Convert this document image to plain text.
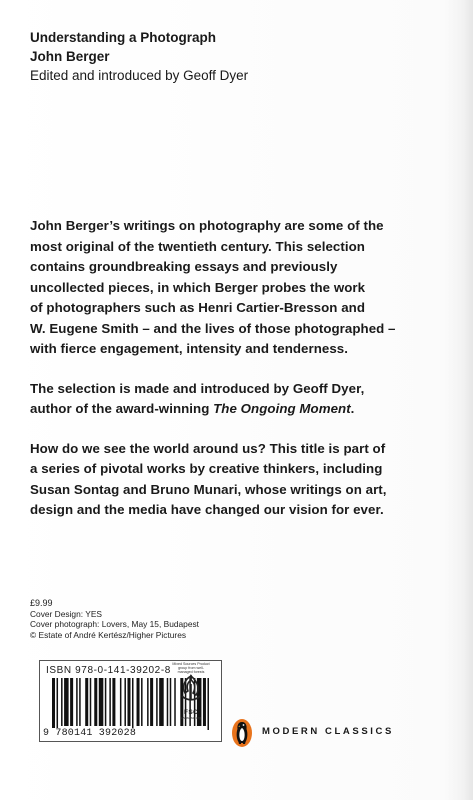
Understanding a Photograph
John Berger
Edited and introduced by Geoff Dyer

John Berger’s writings on photography are some of the
most original of the twentieth century. This selection
contains groundbreaking essays and previously
uncollected pieces, in which Berger probes the work
of photographers such as Henri Cartier-Bresson and
W. Eugene Smith – and the lives of those photographed –
with fierce engagement, intensity and tenderness.

The selection is made and introduced by Geoff Dyer,
author of the award-winning The Ongoing Moment.

How do we see the world around us? This title is part of
a series of pivotal works by creative thinkers, including
Susan Sontag and Bruno Munari, whose writings on art,
design and the media have changed our vision for ever.

£9.99
Cover Design: YES
Cover photograph: Lovers, May 15, Budapest
© Estate of André Kertész/Higher Pictures
ISBN 978-0-141-39202-8
9 780141 392028
Mixed Sources Product group from well-managed forests
FSC
www.fsc.org
MODERN CLASSICS
